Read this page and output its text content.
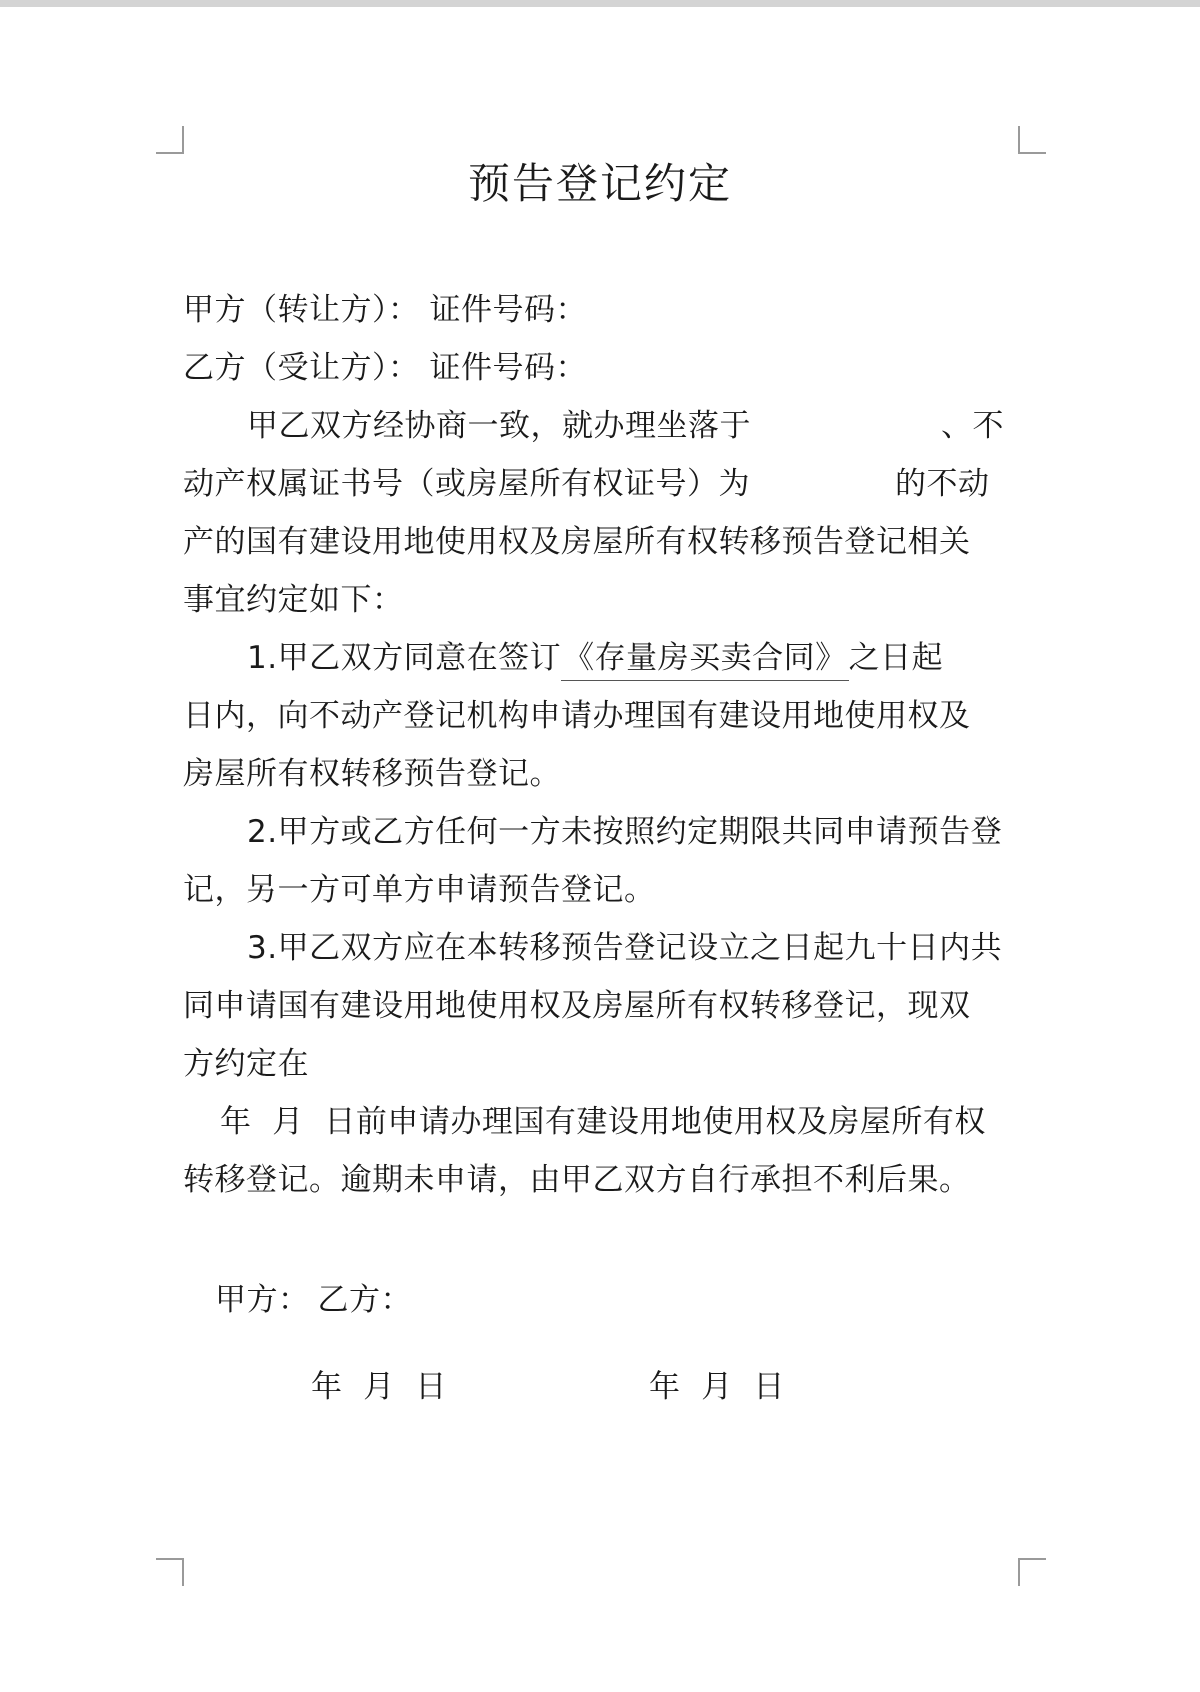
预告登记约定
甲方（转让方）： 证件号码：
乙方（受让方）： 证件号码：
甲乙双方经协商一致，就办理坐落于	、不
动产权属证书号（或房屋所有权证号）为	的不动
产的国有建设用地使用权及房屋所有权转移预告登记相关
事宜约定如下：
1.甲乙双方同意在签订《存量房买卖合同》之日起
日内，向不动产登记机构申请办理国有建设用地使用权及
房屋所有权转移预告登记。
2.甲方或乙方任何一方未按照约定期限共同申请预告登
记，另一方可单方申请预告登记。
3.甲乙双方应在本转移预告登记设立之日起九十日内共
同申请国有建设用地使用权及房屋所有权转移登记，现双
方约定在
年  月  日前申请办理国有建设用地使用权及房屋所有权
转移登记。逾期未申请，由甲乙双方自行承担不利后果。
甲方： 乙方：
年  月  日	年  月  日
